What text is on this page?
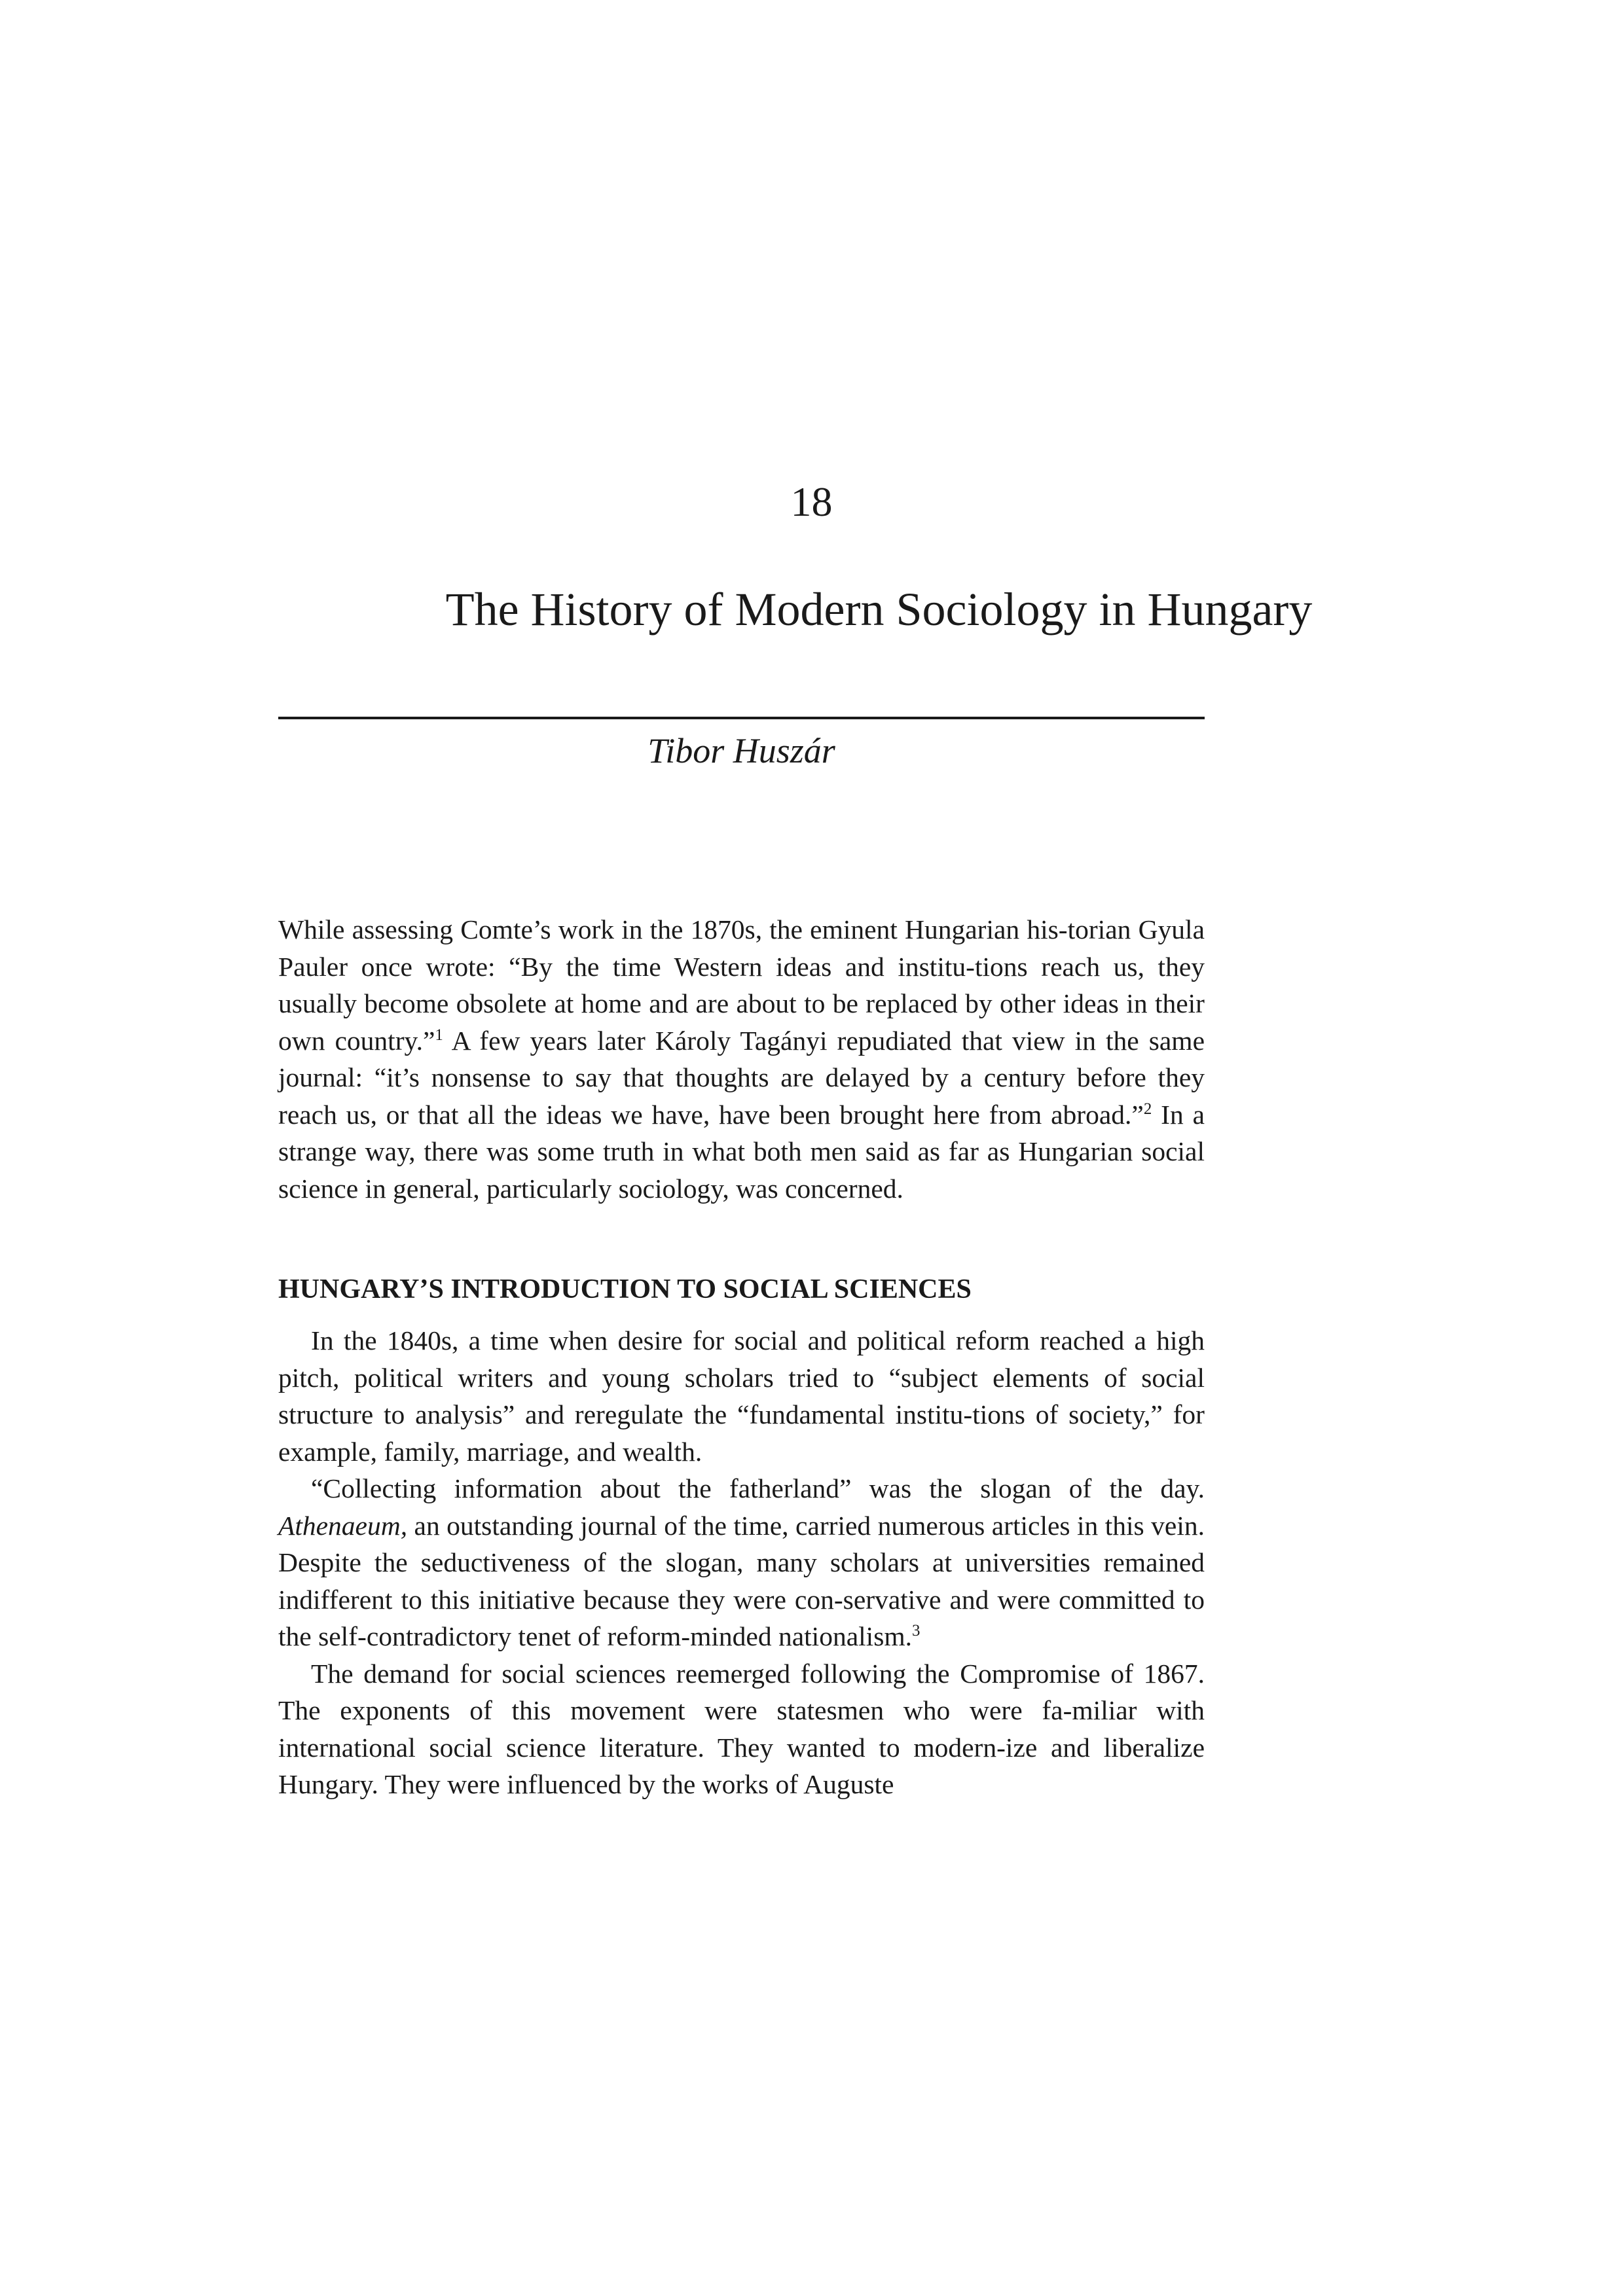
18
The History of Modern Sociology in Hungary
Tibor Huszár

While assessing Comte’s work in the 1870s, the eminent Hungarian his-torian Gyula Pauler once wrote: “By the time Western ideas and institu-tions reach us, they usually become obsolete at home and are about to be replaced by other ideas in their own country.”$^1$ A few years later Károly Tagányi repudiated that view in the same journal: “it’s nonsense to say that thoughts are delayed by a century before they reach us, or that all the ideas we have, have been brought here from abroad.”$^2$ In a strange way, there was some truth in what both men said as far as Hungarian social science in general, particularly sociology, was concerned.

HUNGARY’S INTRODUCTION TO SOCIAL SCIENCES

In the 1840s, a time when desire for social and political reform reached a high pitch, political writers and young scholars tried to “subject elements of social structure to analysis” and reregulate the “fundamental institu-tions of society,” for example, family, marriage, and wealth.

“Collecting information about the fatherland” was the slogan of the day. Athenaeum, an outstanding journal of the time, carried numerous articles in this vein. Despite the seductiveness of the slogan, many scholars at universities remained indifferent to this initiative because they were con-servative and were committed to the self-contradictory tenet of reform-minded nationalism.$^3$

The demand for social sciences reemerged following the Compromise of 1867. The exponents of this movement were statesmen who were fa-miliar with international social science literature. They wanted to modern-ize and liberalize Hungary. They were influenced by the works of Auguste
